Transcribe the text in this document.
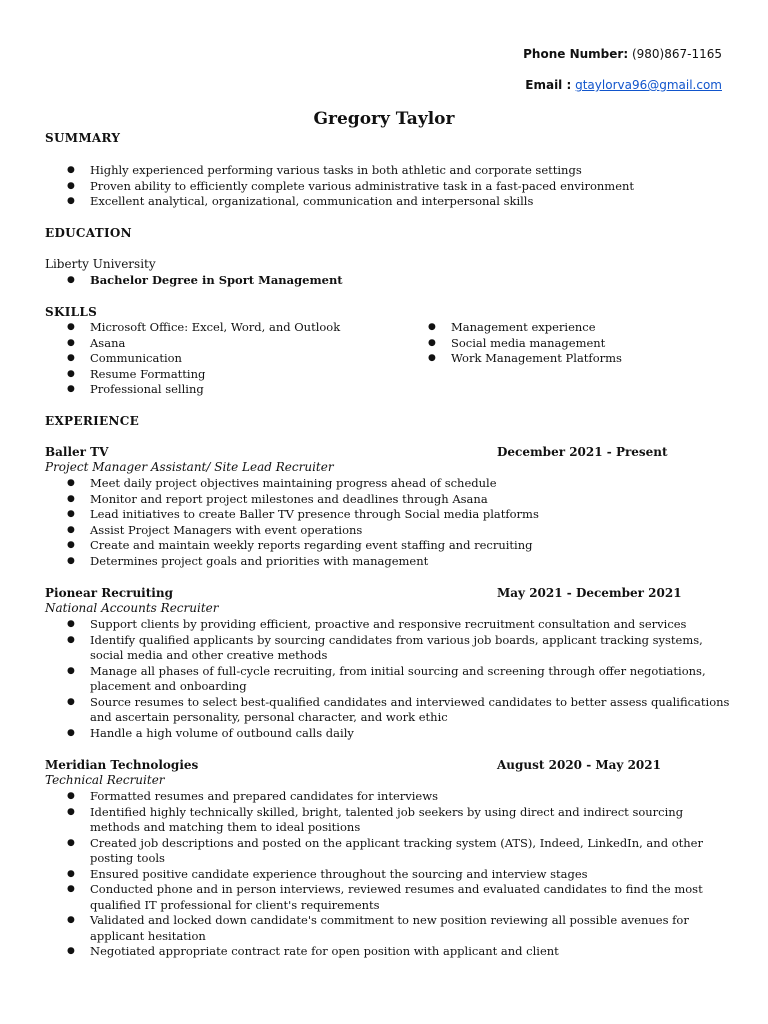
Phone Number: (980)867-1165
Email : gtaylorva96@gmail.com
Gregory Taylor
SUMMARY
● Highly experienced performing various tasks in both athletic and corporate settings
● Proven ability to efficiently complete various administrative task in a fast-paced environment
● Excellent analytical, organizational, communication and interpersonal skills
EDUCATION
Liberty University
● Bachelor Degree in Sport Management
SKILLS
● Microsoft Office: Excel, Word, and Outlook
● Asana
● Communication
● Resume Formatting
● Professional selling
● Management experience
● Social media management
● Work Management Platforms
EXPERIENCE
Baller TV	December 2021 - Present
Project Manager Assistant/ Site Lead Recruiter
● Meet daily project objectives maintaining progress ahead of schedule
● Monitor and report project milestones and deadlines through Asana
● Lead initiatives to create Baller TV presence through Social media platforms
● Assist Project Managers with event operations
● Create and maintain weekly reports regarding event staffing and recruiting
● Determines project goals and priorities with management
Pionear Recruiting	May 2021 - December 2021
National Accounts Recruiter
● Support clients by providing efficient, proactive and responsive recruitment consultation and services
● Identify qualified applicants by sourcing candidates from various job boards, applicant tracking systems, social media and other creative methods
● Manage all phases of full-cycle recruiting, from initial sourcing and screening through offer negotiations, placement and onboarding
● Source resumes to select best-qualified candidates and interviewed candidates to better assess qualifications and ascertain personality, personal character, and work ethic
● Handle a high volume of outbound calls daily
Meridian Technologies	August 2020 - May 2021
Technical Recruiter
● Formatted resumes and prepared candidates for interviews
● Identified highly technically skilled, bright, talented job seekers by using direct and indirect sourcing methods and matching them to ideal positions
● Created job descriptions and posted on the applicant tracking system (ATS), Indeed, LinkedIn, and other posting tools
● Ensured positive candidate experience throughout the sourcing and interview stages
● Conducted phone and in person interviews, reviewed resumes and evaluated candidates to find the most qualified IT professional for client's requirements
● Validated and locked down candidate's commitment to new position reviewing all possible avenues for applicant hesitation
● Negotiated appropriate contract rate for open position with applicant and client
